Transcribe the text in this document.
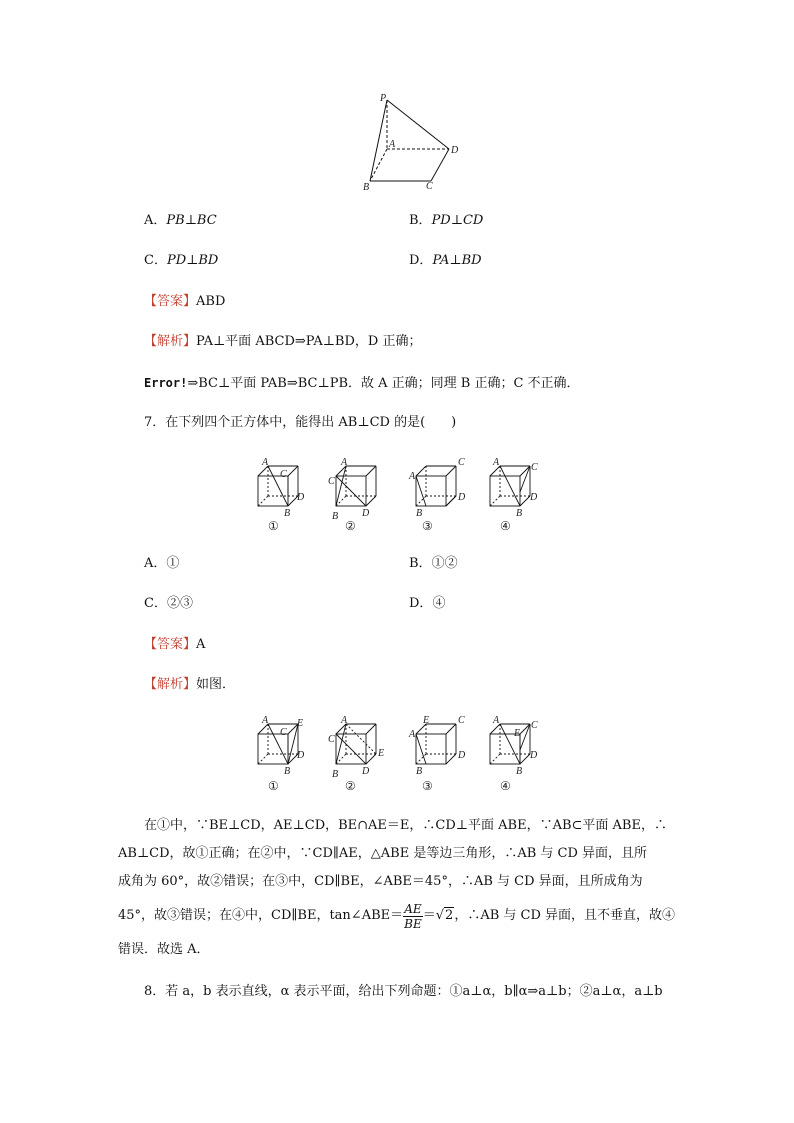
P
A
D
B	C
A．PB⊥BC	B．PD⊥CD
C．PD⊥BD	D．PA⊥BD
【答案】ABD
【解析】PA⊥平面 ABCD⇒PA⊥BD，D 正确；
Error!⇒BC⊥平面 PAB⇒BC⊥PB．故 A 正确；同理 B 正确；C 不正确．
7．在下列四个正方体中，能得出 AB⊥CD 的是(　　)
A
C
D
B
①
A
C
B D
②
C
A
D
B
③
A	C
D
B
④
A．①	B．①②
C．②③	D．④
【答案】A
【解析】如图．
A	E
C
D
B
①
A
C
E
B D
②
E	C
A
D
B
③
A	C
E
D
B
④
在①中，∵BE⊥CD，AE⊥CD，BE∩AE＝E，∴CD⊥平面 ABE，∵AB⊂平面 ABE，∴
AB⊥CD，故①正确；在②中，∵CD∥AE，△ABE 是等边三角形，∴AB 与 CD 异面，且所
成角为 60°，故②错误；在③中，CD∥BE，∠ABE＝45°，∴AB 与 CD 异面，且所成角为
45°，故③错误；在④中，CD∥BE，tan∠ABE＝ $\frac{AE}{BE} = √2$ ，∴AB 与 CD 异面，且不垂直，故④
错误．故选 A．
8．若 a，b 表示直线，α 表示平面，给出下列命题：①a⊥α，b∥α⇒a⊥b；②a⊥α，a⊥b
